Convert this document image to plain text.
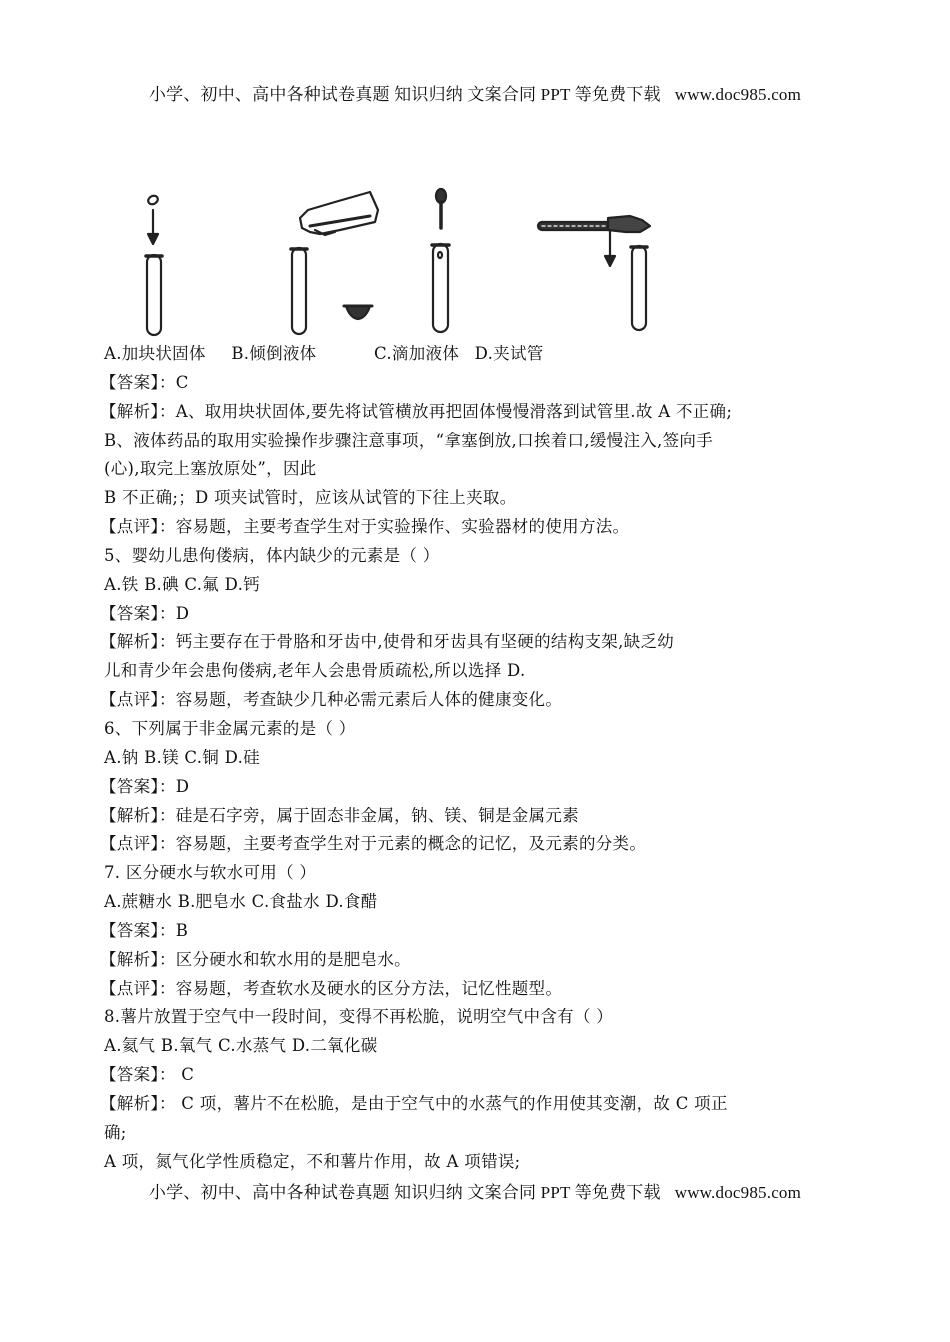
小学、初中、高中各种试卷真题 知识归纳 文案合同 PPT 等免费下载 www.doc985.com
A.加块状固体 B.倾倒液体	C.滴加液体 D.夹试管
【答案】：C
【解析】：A、取用块状固体,要先将试管横放再把固体慢慢滑落到试管里.故 A 不正确;
B、液体药品的取用实验操作步骤注意事项，“拿塞倒放,口挨着口,缓慢注入,签向手
(心),取完上塞放原处”，因此
B 不正确;；D 项夹试管时，应该从试管的下往上夹取。
【点评】：容易题，主要考查学生对于实验操作、实验器材的使用方法。
5、婴幼儿患佝偻病，体内缺少的元素是（ ）
A.铁 B.碘 C.氟 D.钙
【答案】：D
【解析】：钙主要存在于骨胳和牙齿中,使骨和牙齿具有坚硬的结构支架,缺乏幼
儿和青少年会患佝偻病,老年人会患骨质疏松,所以选择 D.
【点评】：容易题，考查缺少几种必需元素后人体的健康变化。
6、下列属于非金属元素的是（ ）
A.钠 B.镁 C.铜 D.硅
【答案】：D
【解析】：硅是石字旁，属于固态非金属，钠、镁、铜是金属元素
【点评】：容易题，主要考查学生对于元素的概念的记忆，及元素的分类。
7. 区分硬水与软水可用（ ）
A.蔗糖水 B.肥皂水 C.食盐水 D.食醋
【答案】：B
【解析】：区分硬水和软水用的是肥皂水。
【点评】：容易题，考查软水及硬水的区分方法，记忆性题型。
8.薯片放置于空气中一段时间，变得不再松脆，说明空气中含有（ ）
A.氦气 B.氧气 C.水蒸气 D.二氧化碳
【答案】： C
【解析】： C 项，薯片不在松脆，是由于空气中的水蒸气的作用使其变潮，故 C 项正
确;
A 项，氮气化学性质稳定，不和薯片作用，故 A 项错误;
小学、初中、高中各种试卷真题 知识归纳 文案合同 PPT 等免费下载 www.doc985.com
